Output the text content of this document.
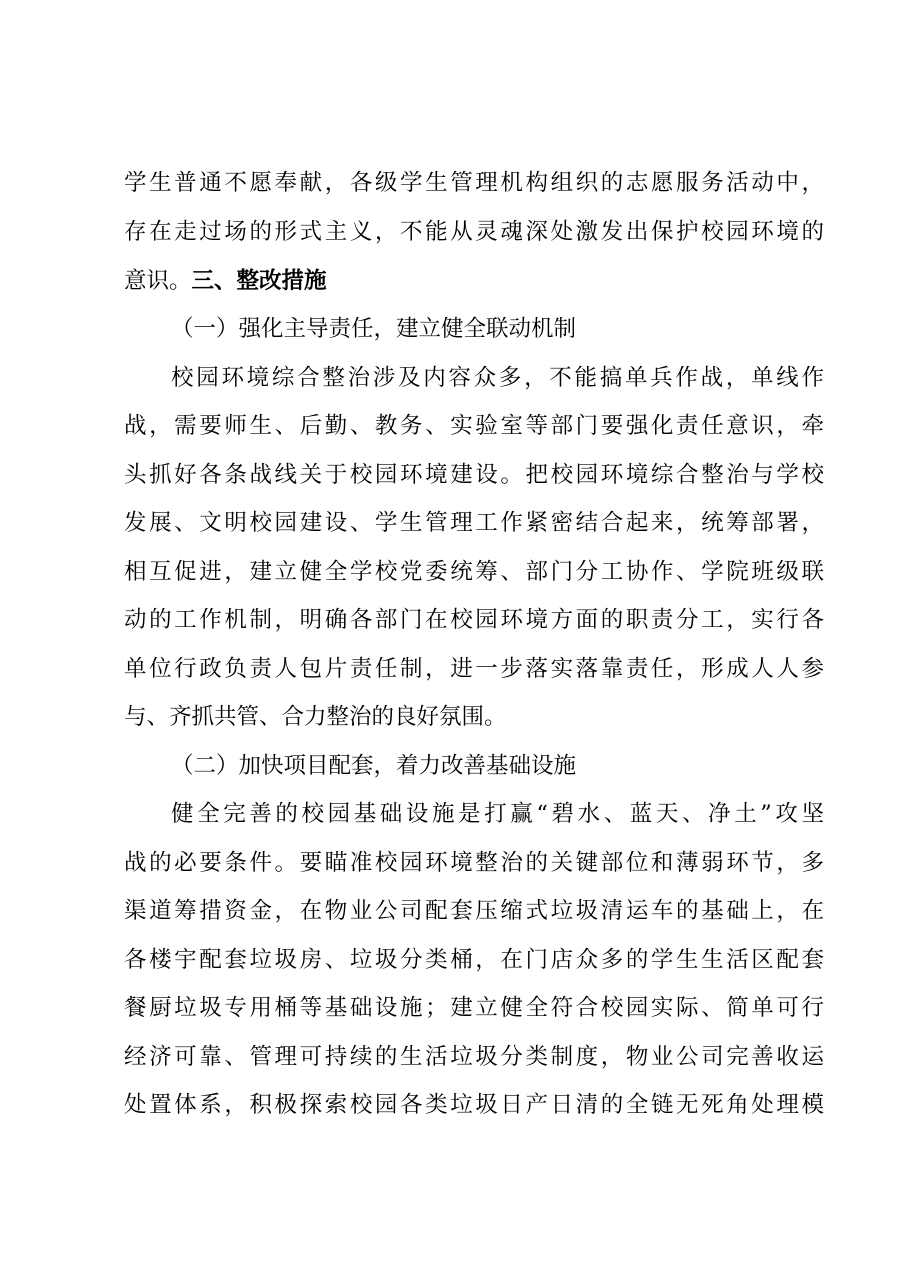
学生普通不愿奉献，各级学生管理机构组织的志愿服务活动中，
存在走过场的形式主义，不能从灵魂深处激发出保护校园环境的
意识。三、整改措施
（一）强化主导责任，建立健全联动机制
校园环境综合整治涉及内容众多，不能搞单兵作战，单线作
战，需要师生、后勤、教务、实验室等部门要强化责任意识，牵
头抓好各条战线关于校园环境建设。把校园环境综合整治与学校
发展、文明校园建设、学生管理工作紧密结合起来，统筹部署，
相互促进，建立健全学校党委统筹、部门分工协作、学院班级联
动的工作机制，明确各部门在校园环境方面的职责分工，实行各
单位行政负责人包片责任制，进一步落实落靠责任，形成人人参
与、齐抓共管、合力整治的良好氛围。
（二）加快项目配套，着力改善基础设施
健全完善的校园基础设施是打赢“碧水、蓝天、净土”攻坚
战的必要条件。要瞄准校园环境整治的关键部位和薄弱环节，多
渠道筹措资金，在物业公司配套压缩式垃圾清运车的基础上，在
各楼宇配套垃圾房、垃圾分类桶，在门店众多的学生生活区配套
餐厨垃圾专用桶等基础设施；建立健全符合校园实际、简单可行
经济可靠、管理可持续的生活垃圾分类制度，物业公司完善收运
处置体系，积极探索校园各类垃圾日产日清的全链无死角处理模
